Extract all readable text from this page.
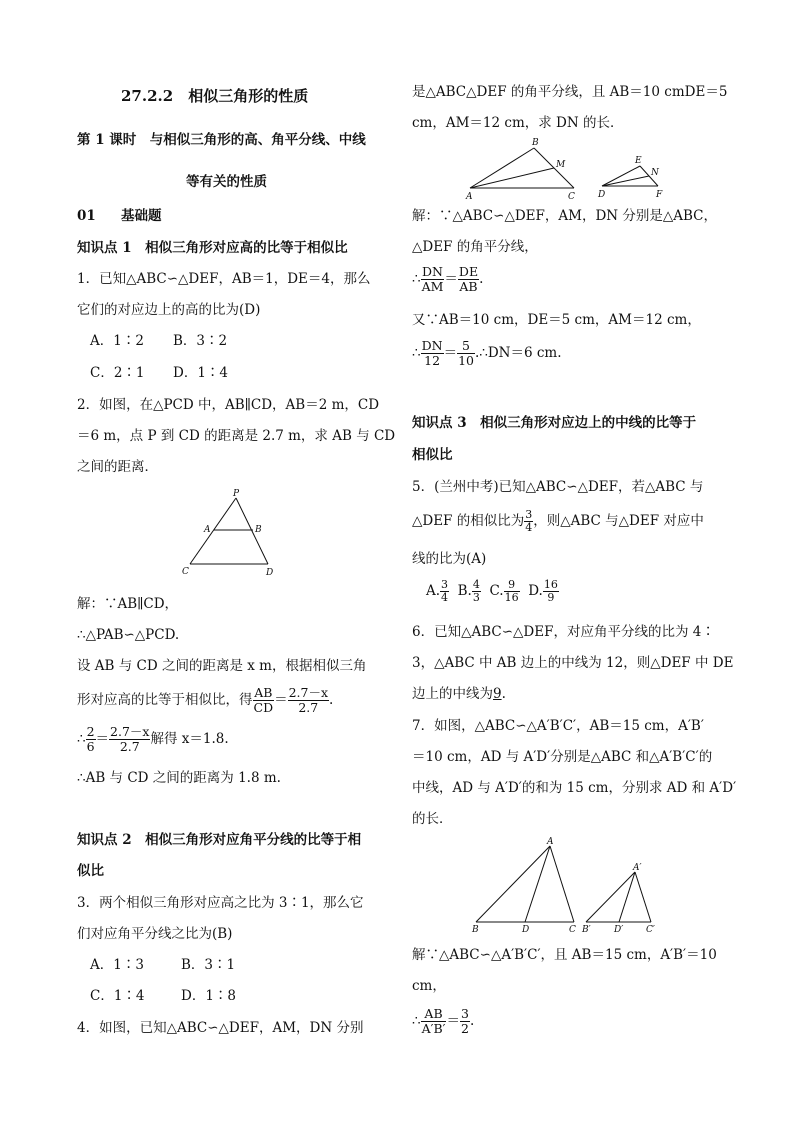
27.2.2　相似三角形的性质
第 1 课时　与相似三角形的高、角平分线、中线
等有关的性质
01 基础题
知识点 1　相似三角形对应高的比等于相似比
1．已知△ABC∽△DEF，AB＝1，DE＝4，那么
它们的对应边上的高的比为(D)
A．1∶2 B．3∶2
C．2∶1 D．1∶4
2．如图，在△PCD 中，AB∥CD，AB＝2 m，CD
＝6 m，点 P 到 CD 的距离是 2.7 m，求 AB 与 CD
之间的距离．
P
A	B
C	D
解：∵AB∥CD，
∴△PAB∽△PCD.
设 AB 与 CD 之间的距离是 x m，根据相似三角
形对应高的比等于相似比，得 $\frac{AB}{CD} = \frac{2.7-x}{2.7}$ .
∴ $\frac{2}{6} = \frac{2.7-x}{2.7}$ 解得 x＝1.8.
∴AB 与 CD 之间的距离为 1.8 m.
知识点 2　相似三角形对应角平分线的比等于相
似比
3．两个相似三角形对应高之比为 3∶1，那么它
们对应角平分线之比为(B)
A．1∶3	B．3∶1
C．1∶4	D．1∶8
4．如图，已知△ABC∽△DEF，AM，DN 分别
是△ABC△DEF 的角平分线，且 AB＝10 cmDE＝5
cm，AM＝12 cm，求 DN 的长．
A
B
C
M
D
E
F
N
解：∵△ABC∽△DEF，AM，DN 分别是△ABC，
△DEF 的角平分线，
∴ $\frac{DN}{AM} = \frac{DE}{AB}$ .
又∵AB＝10 cm，DE＝5 cm，AM＝12 cm，
∴ $\frac{DN}{12} = \frac{5}{10}$ .∴DN＝6 cm.
知识点 3　相似三角形对应边上的中线的比等于
相似比
5．(兰州中考)已知△ABC∽△DEF，若△ABC 与
△DEF 的相似比为 $\frac{3}{4}$ ，则△ABC 与△DEF 对应中
线的比为(A)
A. $\frac{3}{4} B$. $\frac{4}{3} C$. $\frac{9}{16} D$. $\frac{16}{9}$
6．已知△ABC∽△DEF，对应角平分线的比为 4∶
3，△ABC 中 AB 边上的中线为 12，则△DEF 中 DE
边上的中线为9.
7．如图，△ABC∽△A′B′C′，AB＝15 cm，A′B′
＝10 cm，AD 与 A′D′分别是△ABC 和△A′B′C′的
中线，AD 与 A′D′的和为 15 cm，分别求 AD 和 A′D′
的长．
A
B	D	C
A′
B′	D′	C′
解∵△ABC∽△A′B′C′，且 AB＝15 cm，A′B′＝10
cm，
∴ $\frac{AB}{A'B'} = \frac{3}{2}$ .
